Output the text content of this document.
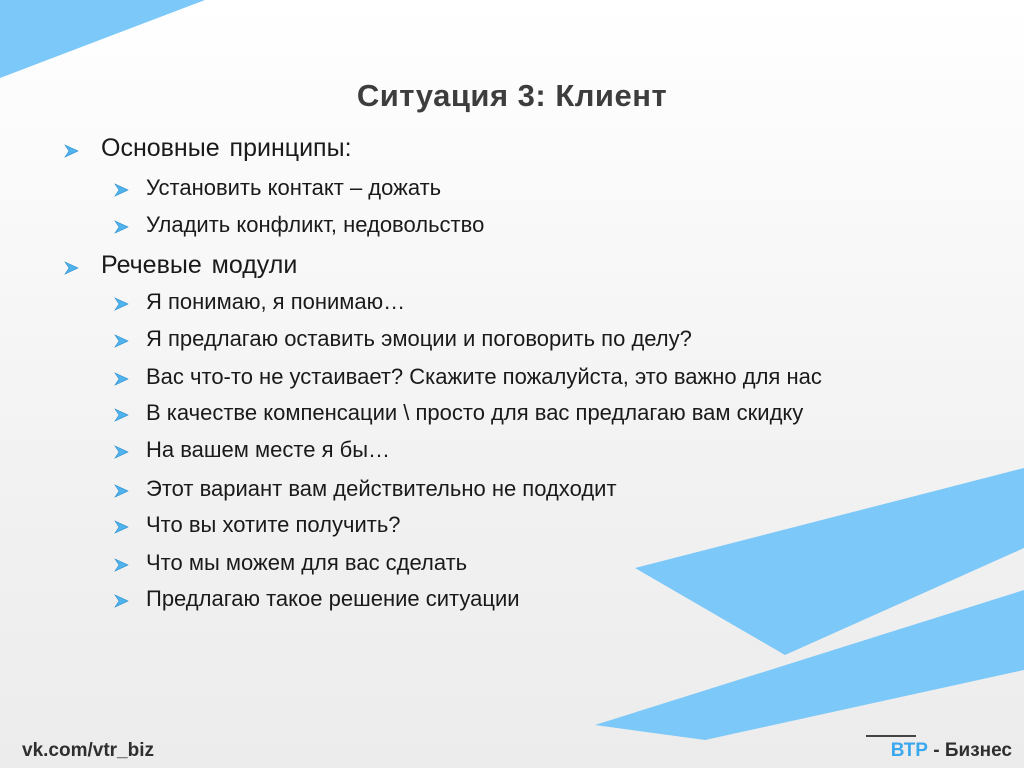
Ситуация 3: Клиент
Основные принципы:
Установить контакт – дожать
Уладить конфликт, недовольство
Речевые модули
Я понимаю, я понимаю…
Я предлагаю оставить эмоции и поговорить по делу?
Вас что-то не устаивает? Скажите пожалуйста, это важно для нас
В качестве компенсации \ просто для вас предлагаю вам скидку
На вашем месте я бы…
Этот вариант вам действительно не подходит
Что вы хотите получить?
Что мы можем для вас сделать
Предлагаю такое решение ситуации
vk.com/vtr_biz	ВТР - Бизнес
